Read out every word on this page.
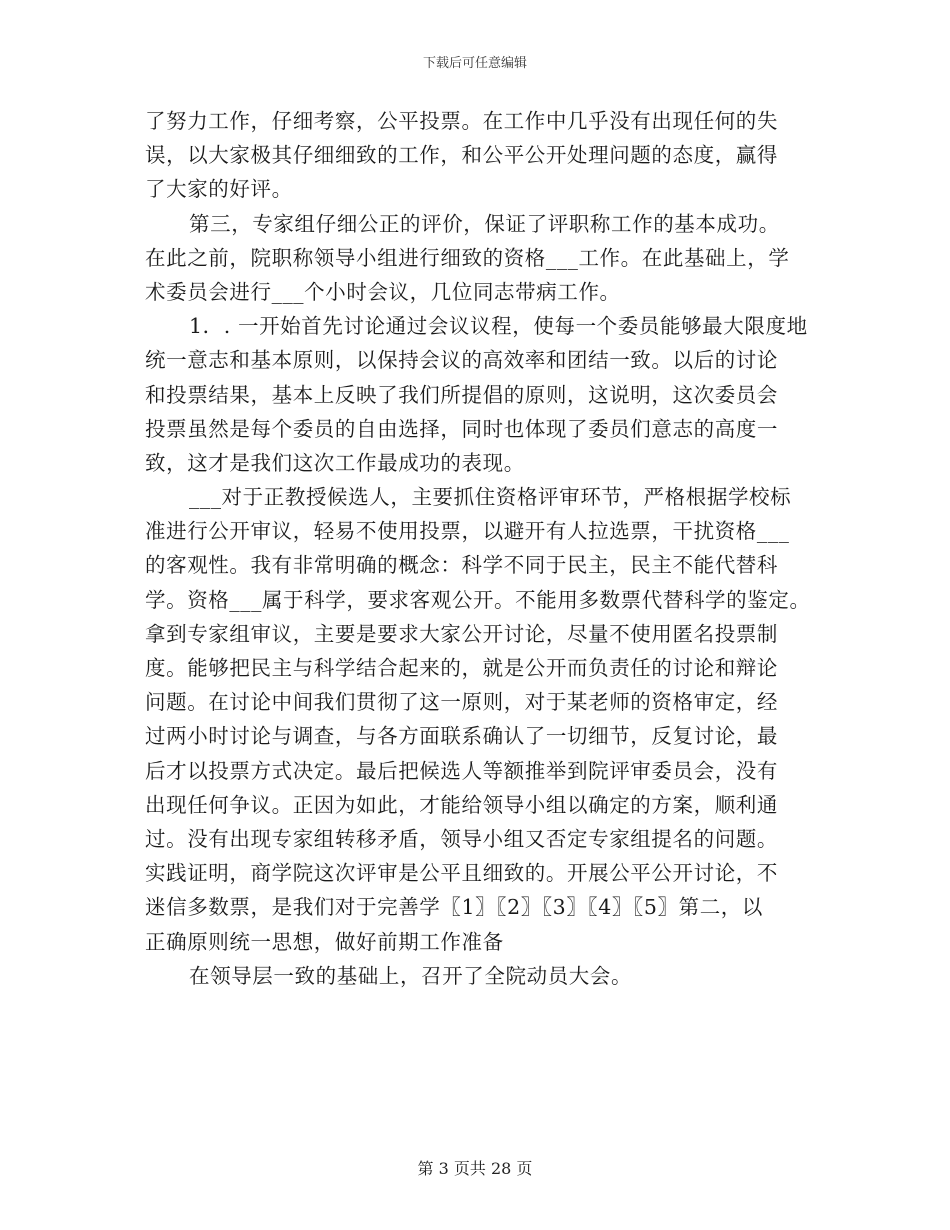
下载后可任意编辑
了努力工作，仔细考察，公平投票。在工作中几乎没有出现任何的失
误，以大家极其仔细细致的工作，和公平公开处理问题的态度，赢得
了大家的好评。
第三，专家组仔细公正的评价，保证了评职称工作的基本成功。
在此之前，院职称领导小组进行细致的资格___工作。在此基础上，学
术委员会进行___个小时会议，几位同志带病工作。
1．. 一开始首先讨论通过会议议程，使每一个委员能够最大限度地
统一意志和基本原则，以保持会议的高效率和团结一致。以后的讨论
和投票结果，基本上反映了我们所提倡的原则，这说明，这次委员会
投票虽然是每个委员的自由选择，同时也体现了委员们意志的高度一
致，这才是我们这次工作最成功的表现。
___对于正教授候选人，主要抓住资格评审环节，严格根据学校标
准进行公开审议，轻易不使用投票，以避开有人拉选票，干扰资格___
的客观性。我有非常明确的概念：科学不同于民主，民主不能代替科
学。资格___属于科学，要求客观公开。不能用多数票代替科学的鉴定。
拿到专家组审议，主要是要求大家公开讨论，尽量不使用匿名投票制
度。能够把民主与科学结合起来的，就是公开而负责任的讨论和辩论
问题。在讨论中间我们贯彻了这一原则，对于某老师的资格审定，经
过两小时讨论与调查，与各方面联系确认了一切细节，反复讨论，最
后才以投票方式决定。最后把候选人等额推举到院评审委员会，没有
出现任何争议。正因为如此，才能给领导小组以确定的方案，顺利通
过。没有出现专家组转移矛盾，领导小组又否定专家组提名的问题。
实践证明，商学院这次评审是公平且细致的。开展公平公开讨论，不
迷信多数票，是我们对于完善学〖1〗〖2〗〖3〗〖4〗〖5〗第二，以
正确原则统一思想，做好前期工作准备
在领导层一致的基础上，召开了全院动员大会。
第 3 页共 28 页
